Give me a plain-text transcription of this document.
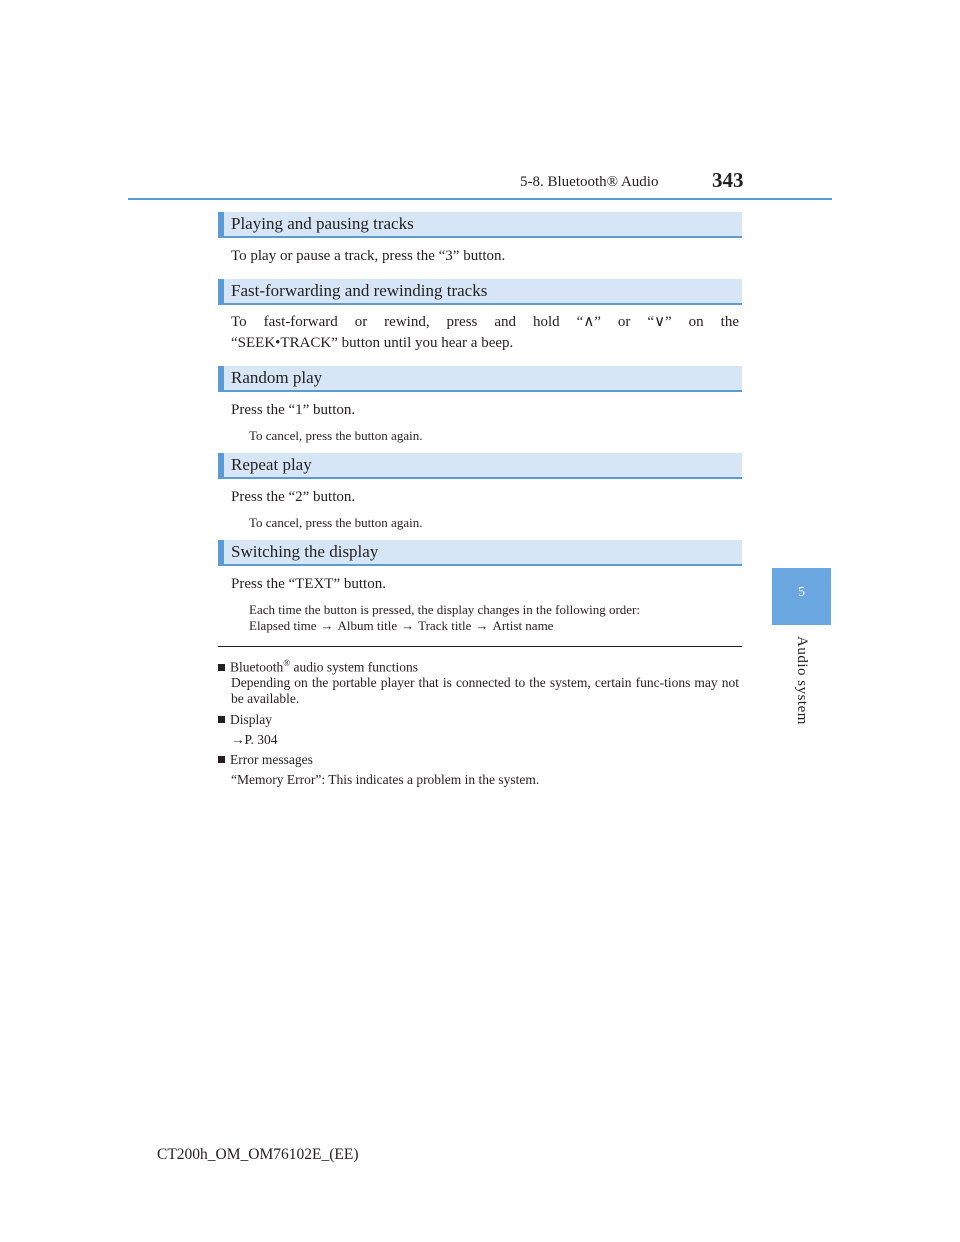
5-8. Bluetooth® Audio	343
5
Audio system
Playing and pausing tracks
To play or pause a track, press the “3” button.
Fast-forwarding and rewinding tracks
To fast-forward or rewind, press and hold “∧” or “∨” on the
“SEEK•TRACK” button until you hear a beep.
Random play
Press the “1” button.
To cancel, press the button again.
Repeat play
Press the “2” button.
To cancel, press the button again.
Switching the display
Press the “TEXT” button.
Each time the button is pressed, the display changes in the following order:
Elapsed time → Album title → Track title → Artist name
Bluetooth® audio system functions
Depending on the portable player that is connected to the system, certain func-tions may not be available.
Display
→P. 304
Error messages
“Memory Error”: This indicates a problem in the system.
CT200h_OM_OM76102E_(EE)
